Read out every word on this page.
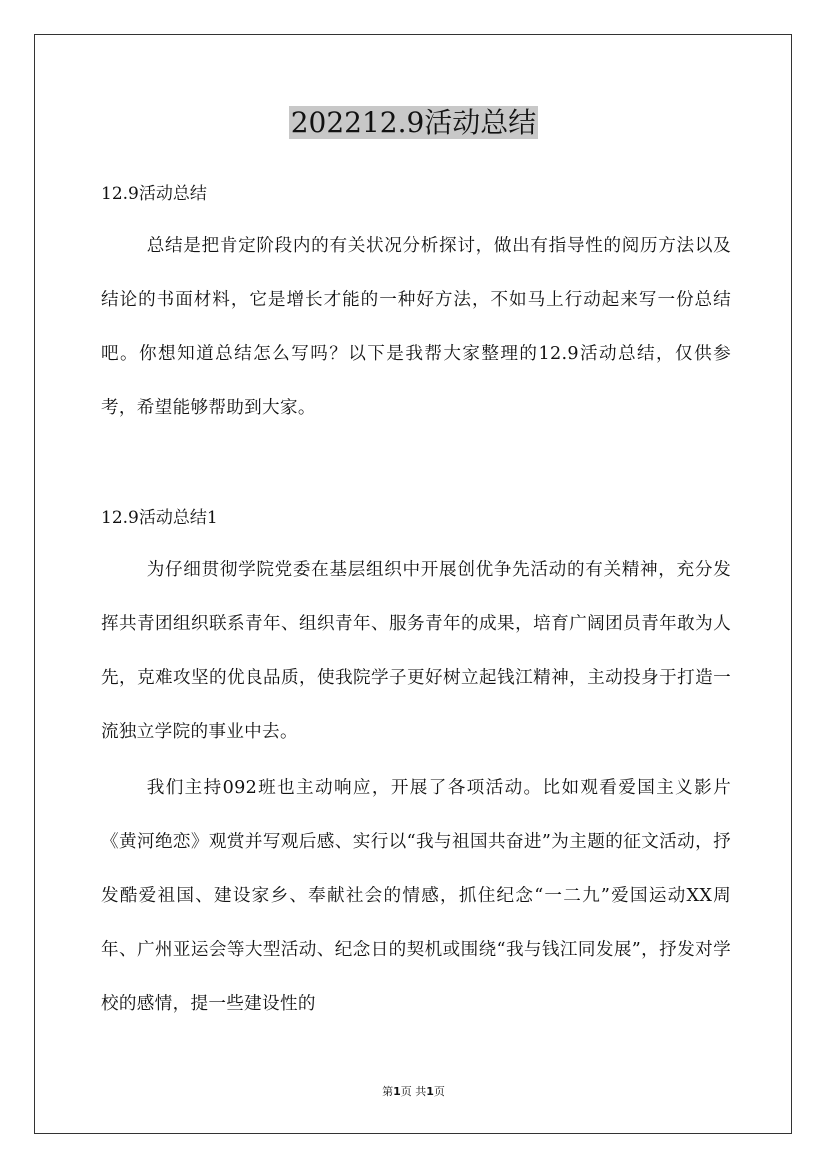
202212.9活动总结
12.9活动总结

总结是把肯定阶段内的有关状况分析探讨，做出有指导性的阅历方法以及结论的书面材料，它是增长才能的一种好方法，不如马上行动起来写一份总结吧。你想知道总结怎么写吗？以下是我帮大家整理的12.9活动总结，仅供参考，希望能够帮助到大家。

12.9活动总结1

为仔细贯彻学院党委在基层组织中开展创优争先活动的有关精神，充分发挥共青团组织联系青年、组织青年、服务青年的成果，培育广阔团员青年敢为人先，克难攻坚的优良品质，使我院学子更好树立起钱江精神，主动投身于打造一流独立学院的事业中去。

我们主持092班也主动响应，开展了各项活动。比如观看爱国主义影片《黄河绝恋》观赏并写观后感、实行以“我与祖国共奋进”为主题的征文活动，抒发酷爱祖国、建设家乡、奉献社会的情感，抓住纪念“一二九”爱国运动XX周年、广州亚运会等大型活动、纪念日的契机或围绕“我与钱江同发展”，抒发对学校的感情，提一些建设性的

第1页 共1页
